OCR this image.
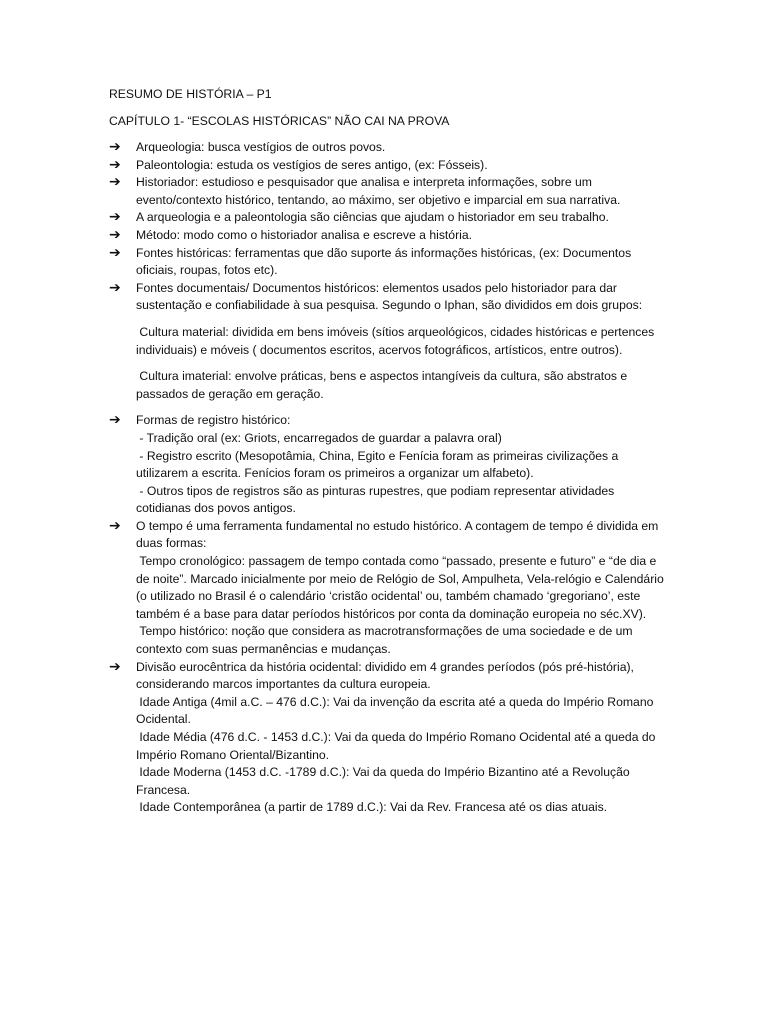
RESUMO DE HISTÓRIA – P1
CAPÍTULO 1- “ESCOLAS HISTÓRICAS” NÃO CAI NA PROVA
➔	Arqueologia: busca vestígios de outros povos.
➔	Paleontologia: estuda os vestígios de seres antigo, (ex: Fósseis).
➔	Historiador: estudioso e pesquisador que analisa e interpreta informações, sobre um evento/contexto histórico, tentando, ao máximo, ser objetivo e imparcial em sua narrativa.
➔	A arqueologia e a paleontologia são ciências que ajudam o historiador em seu trabalho.
➔	Método: modo como o historiador analisa e escreve a história.
➔	Fontes históricas: ferramentas que dão suporte ás informações históricas, (ex: Documentos oficiais, roupas, fotos etc).
➔	Fontes documentais/ Documentos históricos: elementos usados pelo historiador para dar sustentação e confiabilidade à sua pesquisa. Segundo o Iphan, são divididos em dois grupos:
Cultura material: dividida em bens imóveis (sítios arqueológicos, cidades históricas e pertences individuais) e móveis ( documentos escritos, acervos fotográficos, artísticos, entre outros).
Cultura imaterial: envolve práticas, bens e aspectos intangíveis da cultura, são abstratos e passados de geração em geração.
➔	Formas de registro histórico:
- Tradição oral (ex: Griots, encarregados de guardar a palavra oral)
- Registro escrito (Mesopotâmia, China, Egito e Fenícia foram as primeiras civilizações a utilizarem a escrita. Fenícios foram os primeiros a organizar um alfabeto).
- Outros tipos de registros são as pinturas rupestres, que podiam representar atividades cotidianas dos povos antigos.
➔	O tempo é uma ferramenta fundamental no estudo histórico. A contagem de tempo é dividida em duas formas:
Tempo cronológico: passagem de tempo contada como “passado, presente e futuro” e “de dia e de noite”. Marcado inicialmente por meio de Relógio de Sol, Ampulheta, Vela-relógio e Calendário (o utilizado no Brasil é o calendário ‘cristão ocidental’ ou, também chamado ‘gregoriano’, este também é a base para datar períodos históricos por conta da dominação europeia no séc.XV).
Tempo histórico: noção que considera as macrotransformações de uma sociedade e de um contexto com suas permanências e mudanças.
➔	Divisão eurocêntrica da história ocidental: dividido em 4 grandes períodos (pós pré-história), considerando marcos importantes da cultura europeia.
Idade Antiga (4mil a.C. – 476 d.C.): Vai da invenção da escrita até a queda do Império Romano Ocidental.
Idade Média (476 d.C. - 1453 d.C.): Vai da queda do Império Romano Ocidental até a queda do Império Romano Oriental/Bizantino.
Idade Moderna (1453 d.C. -1789 d.C.): Vai da queda do Império Bizantino até a Revolução Francesa.
Idade Contemporânea (a partir de 1789 d.C.): Vai da Rev. Francesa até os dias atuais.
